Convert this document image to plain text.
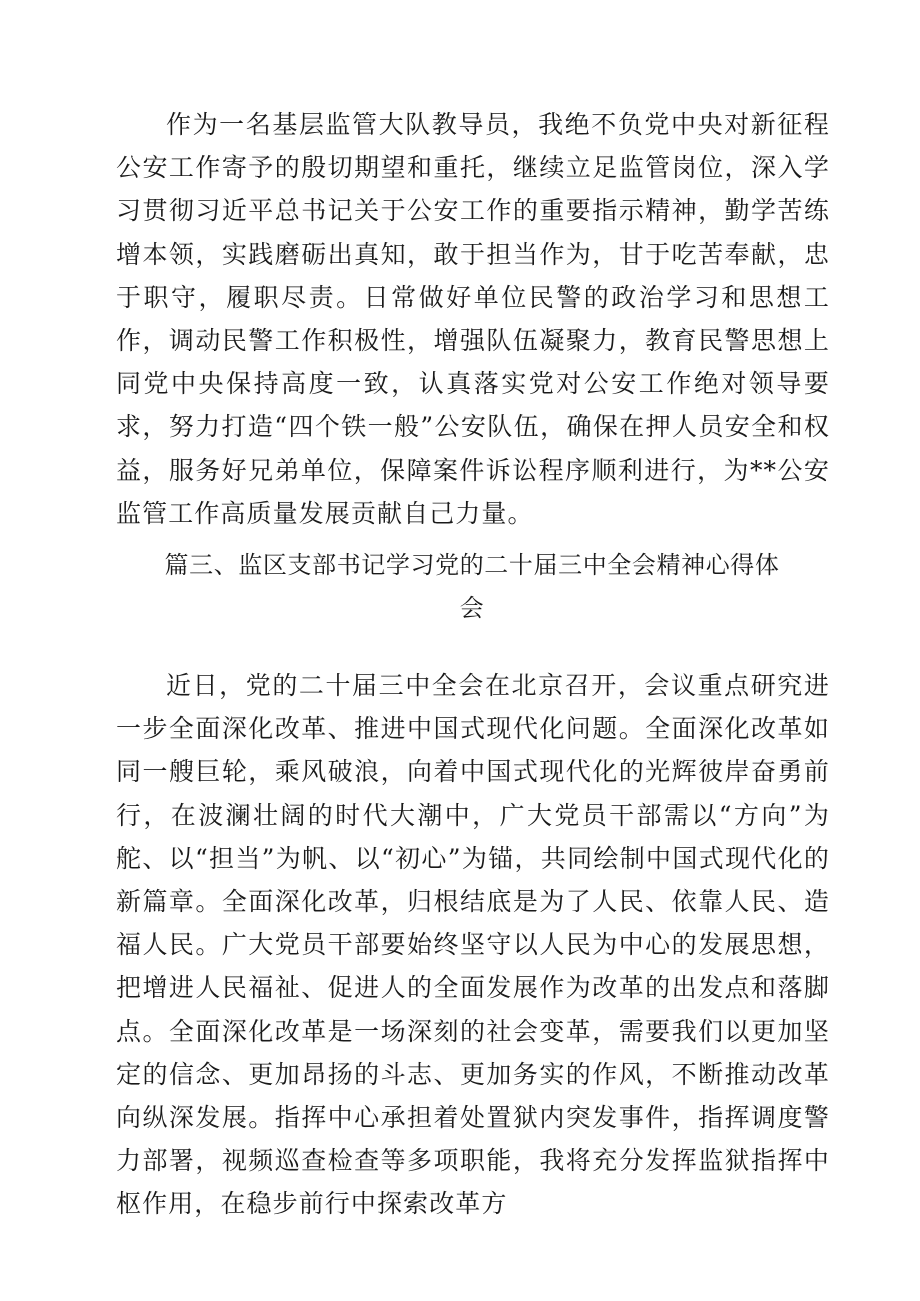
作为一名基层监管大队教导员，我绝不负党中央对新征程公安工作寄予的殷切期望和重托，继续立足监管岗位，深入学习贯彻习近平总书记关于公安工作的重要指示精神，勤学苦练增本领，实践磨砺出真知，敢于担当作为，甘于吃苦奉献，忠于职守，履职尽责。日常做好单位民警的政治学习和思想工作，调动民警工作积极性，增强队伍凝聚力，教育民警思想上同党中央保持高度一致，认真落实党对公安工作绝对领导要求，努力打造“四个铁一般”公安队伍，确保在押人员安全和权益，服务好兄弟单位，保障案件诉讼程序顺利进行，为**公安监管工作高质量发展贡献自己力量。

篇三、监区支部书记学习党的二十届三中全会精神心得体会

近日，党的二十届三中全会在北京召开，会议重点研究进一步全面深化改革、推进中国式现代化问题。全面深化改革如同一艘巨轮，乘风破浪，向着中国式现代化的光辉彼岸奋勇前行，在波澜壮阔的时代大潮中，广大党员干部需以“方向”为舵、以“担当”为帆、以“初心”为锚，共同绘制中国式现代化的新篇章。全面深化改革，归根结底是为了人民、依靠人民、造福人民。广大党员干部要始终坚守以人民为中心的发展思想，把增进人民福祉、促进人的全面发展作为改革的出发点和落脚点。全面深化改革是一场深刻的社会变革，需要我们以更加坚定的信念、更加昂扬的斗志、更加务实的作风，不断推动改革向纵深发展。指挥中心承担着处置狱内突发事件，指挥调度警力部署，视频巡查检查等多项职能，我将充分发挥监狱指挥中枢作用，在稳步前行中探索改革方
